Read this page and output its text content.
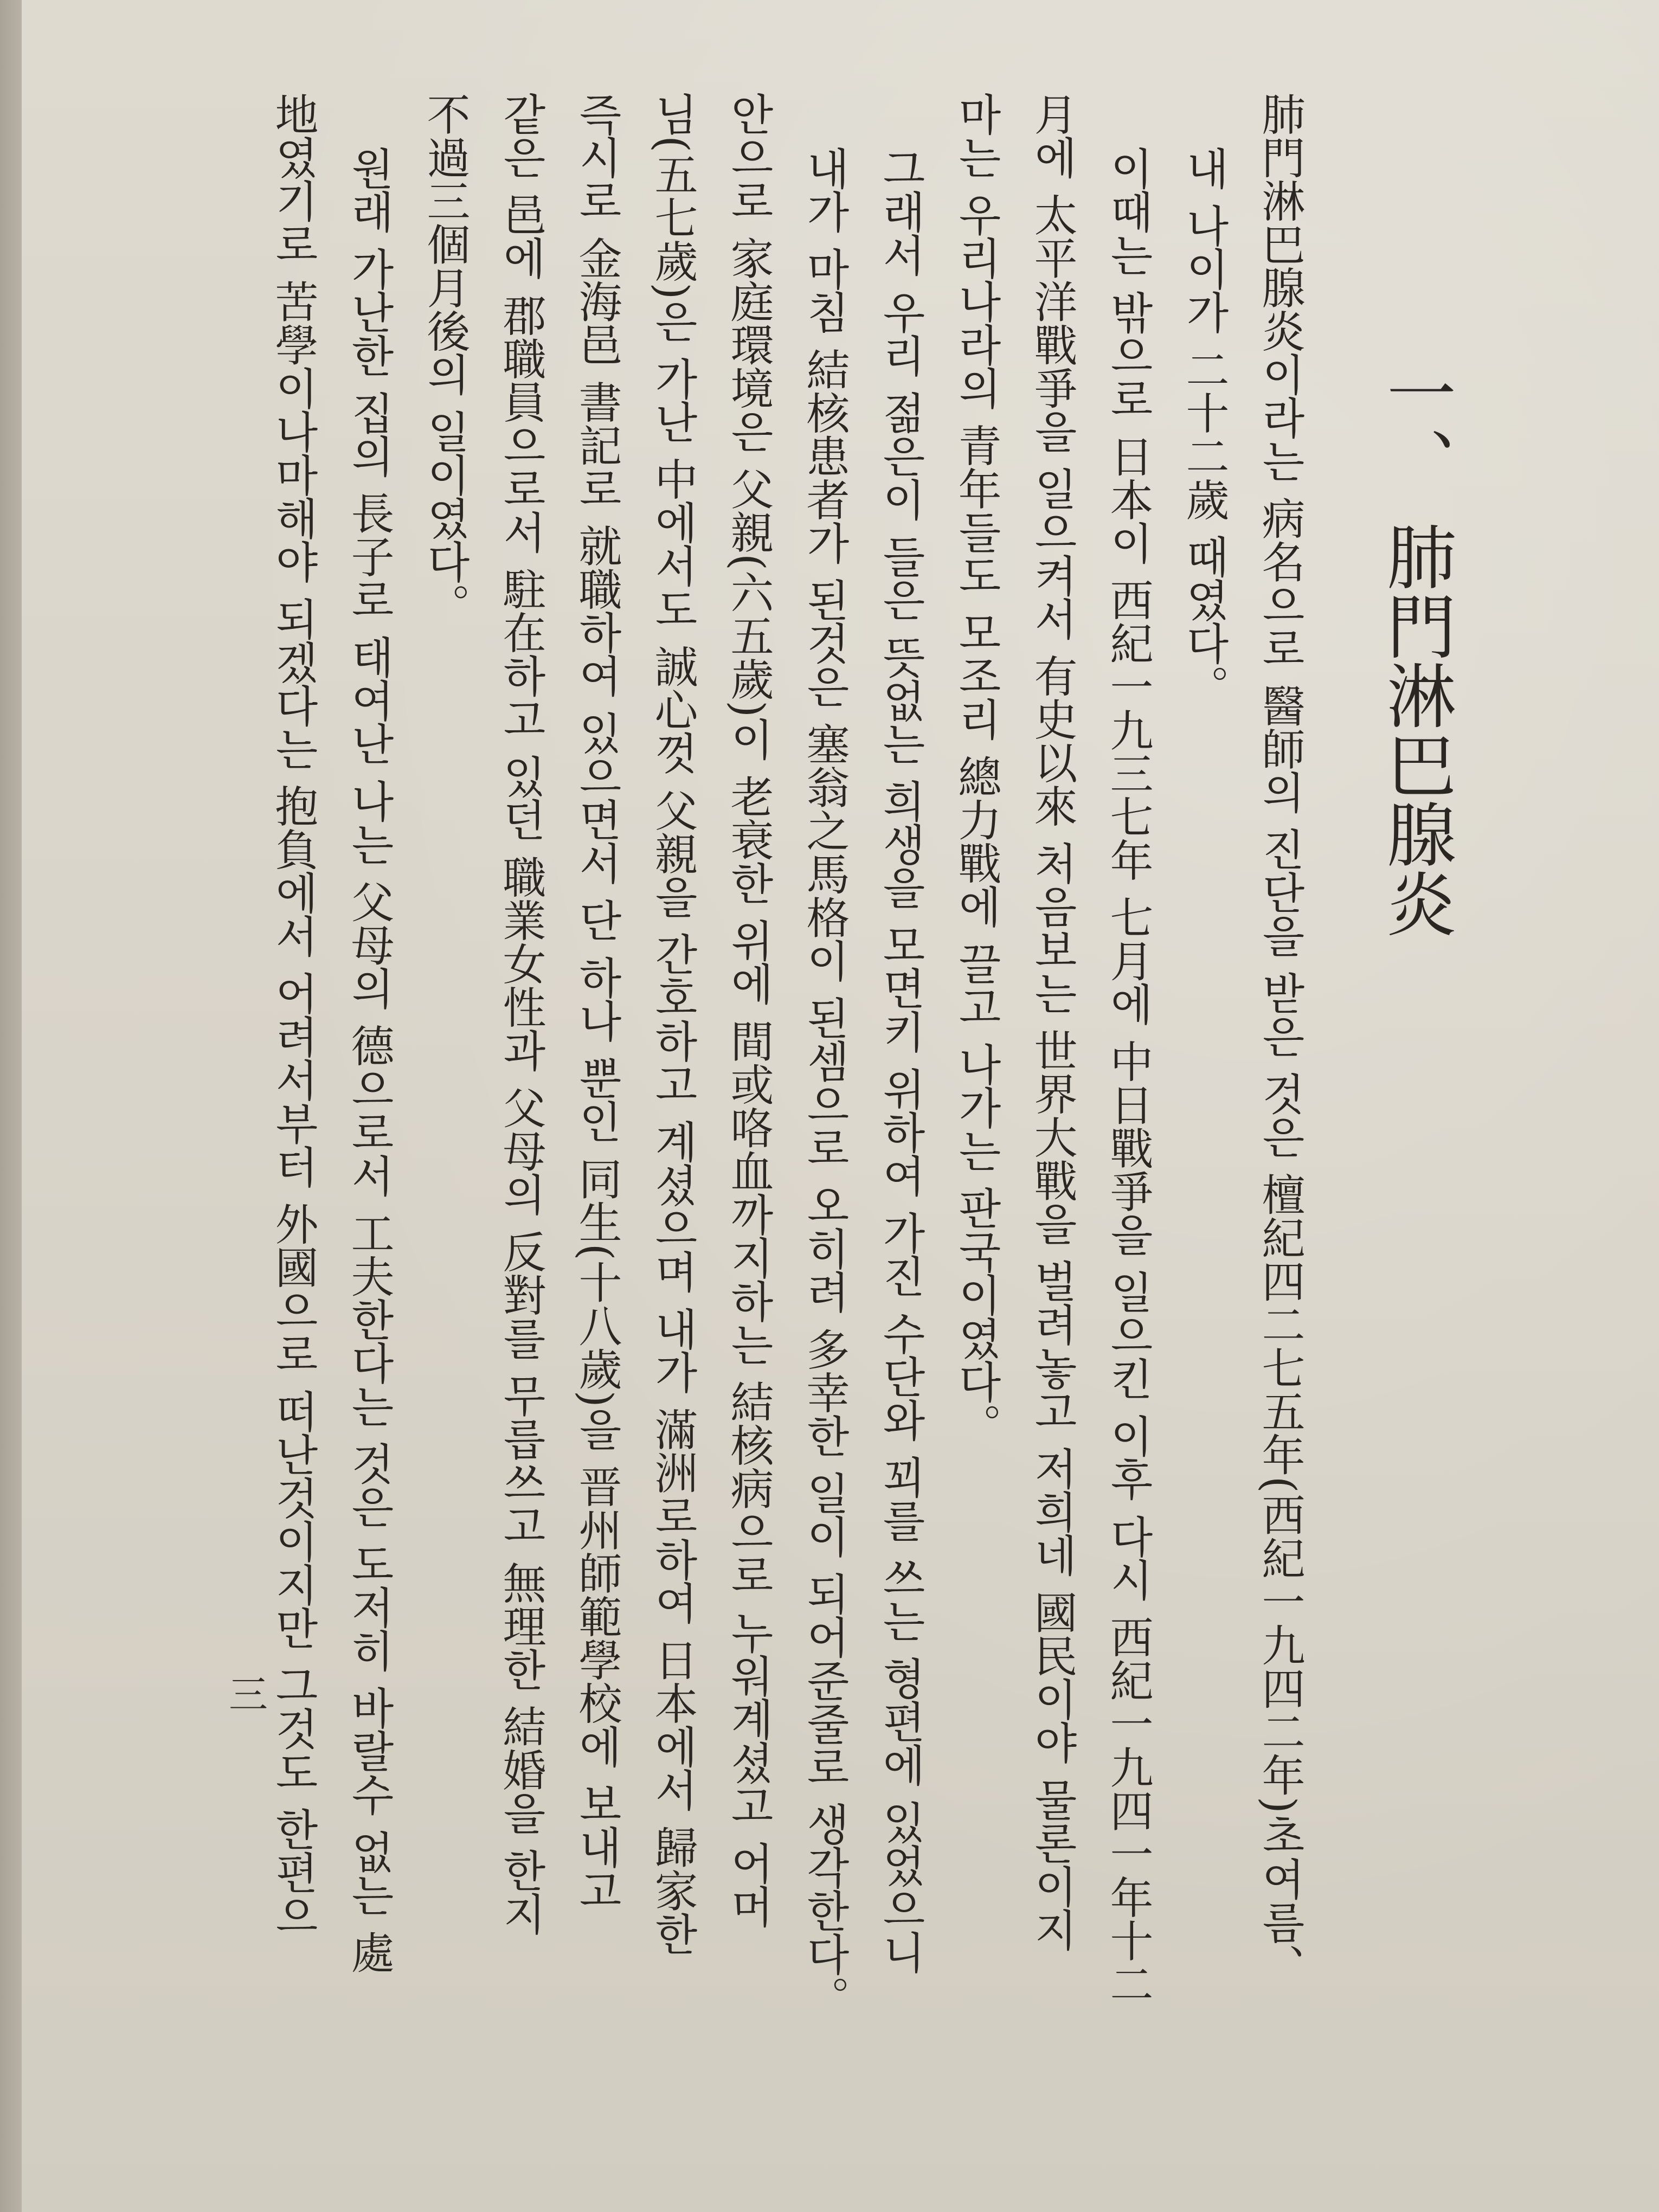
一、肺門淋巴腺炎
肺門淋巴腺炎이라는 病名으로 醫師의 진단을 받은 것은 檀紀四二七五年(西紀一九四二年)초여름、
내 나이가 二十二歲 때였다。
이때는 밖으로 日本이 西紀一九三七年 七月에 中日戰爭을 일으킨 이후 다시 西紀一九四一年十二
月에 太平洋戰爭을 일으켜서 有史以來 처음보는 世界大戰을 벌려놓고 저희네 國民이야 물론이지
마는 우리나라의 青年들도 모조리 總力戰에 끌고 나가는 판국이였다。
그래서 우리 젊은이 들은 뜻없는 희생을 모면키 위하여 가진 수단와 꾀를 쓰는 형편에 있었으니
내가 마침 結核患者가 된것은 塞翁之馬格이 된셈으로 오히려 多幸한 일이 되어준줄로 생각한다。
안으로 家庭環境은 父親(六五歲)이 老衰한 위에 間或咯血까지하는 結核病으로 누워계셨고 어머
님(五七歲)은 가난 中에서도 誠心껏 父親을 간호하고 계셨으며 내가 滿洲로하여 日本에서 歸家한
즉시로 金海邑 書記로 就職하여 있으면서 단 하나 뿐인 同生(十八歲)을 晋州師範學校에 보내고
같은 邑에 郡職員으로서 駐在하고 있던 職業女性과 父母의 反對를 무릅쓰고 無理한 結婚을 한지
不過三個月後의 일이였다。
원래 가난한 집의 長子로 태여난 나는 父母의 德으로서 工夫한다는 것은 도저히 바랄수 없는 處
地였기로 苦學이나마해야 되겠다는 抱負에서 어려서부터 外國으로 떠난것이지만 그것도 한편으
三
